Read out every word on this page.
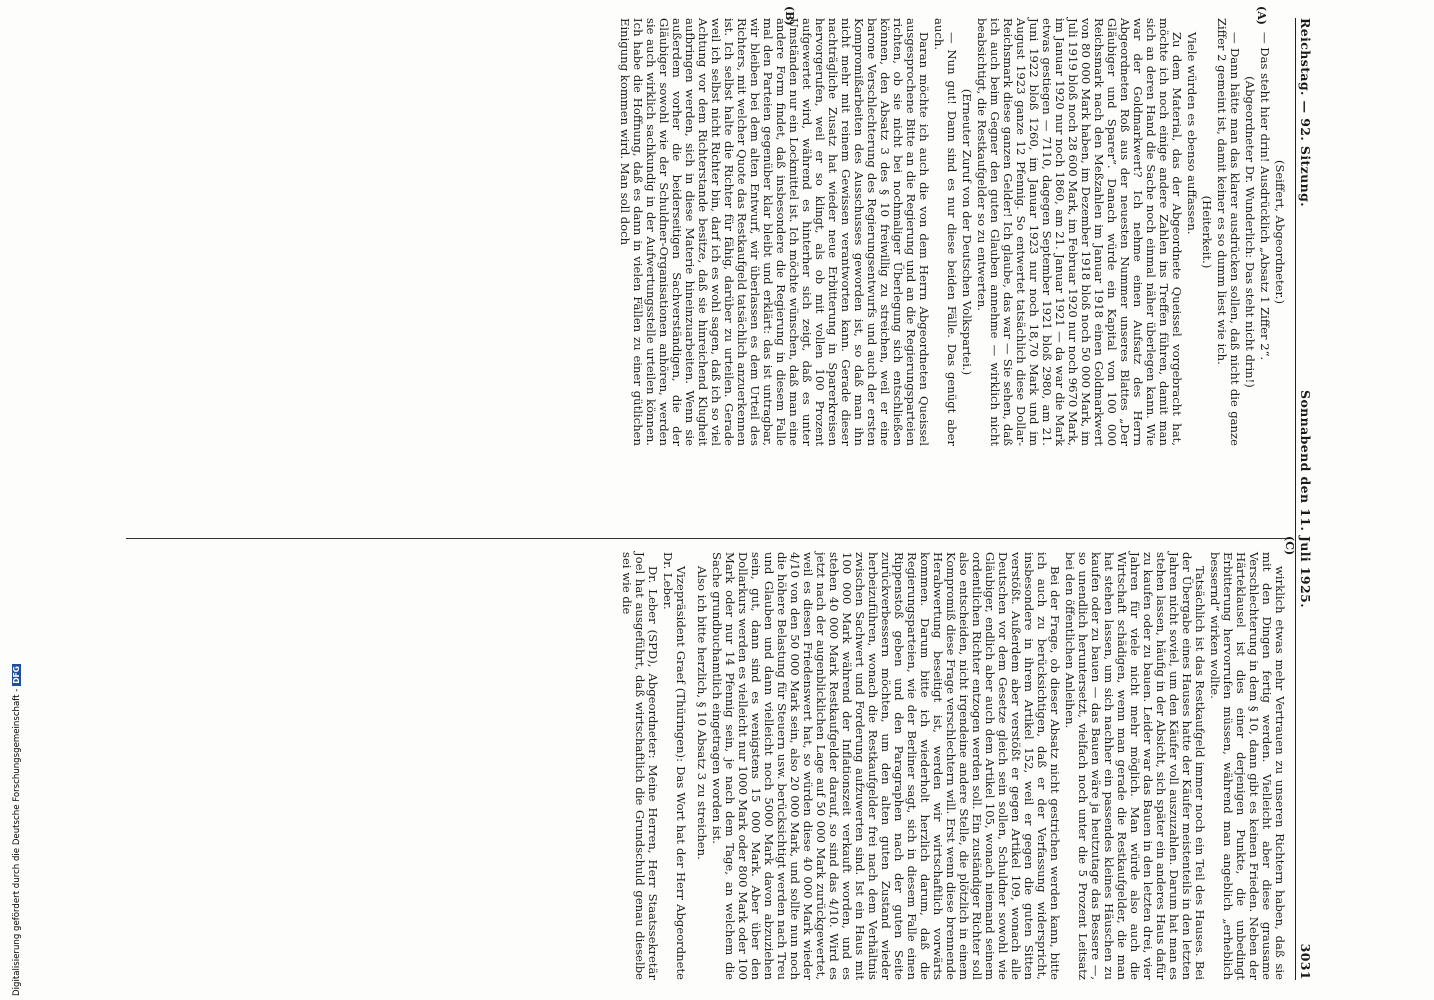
Digitalisierung gefördert durch die Deutsche Forschungsgemeinschaft -DFG
Reichstag. — 92. Sitzung.
Sonnabend den 11. Juli 1925.
3031
(A)
(B)
(C)

(Seiffert, Abgeordneter.)

— Das steht hier drin! Ausdrücklich „Absatz 1 Ziffer 2“.

(Abgeordneter Dr. Wunderlich: Das steht nicht drin!)

— Dann hätte man das klarer ausdrücken sollen, daß nicht die ganze Ziffer 2 gemeint ist, damit keiner es so dumm liest wie ich.

(Heiterkeit.)

Viele würden es ebenso auffassen.

Zu dem Material, das der Abgeordnete Queissel vorgebracht hat, möchte ich noch einige andere Zahlen ins Treffen führen, damit man sich an deren Hand die Sache noch einmal näher überlegen kann. Wie war der Goldmarkwert? Ich nehme einen Aufsatz des Herrn Abgeordneten Roß aus der neuesten Nummer unseres Blattes „Der Gläubiger und Sparer“. Danach würde ein Kapital von 100 000 Reichsmark nach den Meßzahlen im Januar 1918 einen Goldmarkwert von 80 000 Mark haben, im Dezember 1918 bloß noch 50 000 Mark, im Juli 1919 bloß noch 28 600 Mark, im Februar 1920 nur noch 9670 Mark, im Januar 1920 nur noch 1860, am 21. Januar 1921 — da war die Mark etwas gestiegen — 7110, dagegen September 1921 bloß 2980, am 21. Juni 1922 bloß 1260, im Januar 1923 nur noch 18,70 Mark und im August 1923 ganze 12 Pfennig. So entwertet tatsächlich diese Dollar-Reichsmark diese ganzen Gelder! Ich glaube, das war — Sie sehen, daß ich auch beim Gegner den guten Glauben annehme — wirklich nicht beabsichtigt, die Restkaufgelder so zu entwerten.

(Erneuter Zuruf von der Deutschen Volkspartei.)

— Nun gut! Dann sind es nur diese beiden Fälle. Das genügt aber auch.

Daran möchte ich auch die von dem Herrn Abgeordneten Queissel ausgesprochene Bitte an die Regierung und an die Regierungsparteien richten, ob sie nicht bei nochmaliger Überlegung sich entschließen können, den Absatz 3 des § 10 freiwillig zu streichen, weil er eine barone Verschlechterung des Regierungsentwurfs und auch der ersten Kompromißarbeiten des Ausschusses geworden ist, so daß man ihn nicht mehr mit reinem Gewissen verantworten kann. Gerade dieser nachträgliche Zusatz hat wieder neue Erbitterung in Sparerkreisen hervorgerufen, weil er so klingt, als ob mit vollen 100 Prozent aufgewertet wird, während es hinterher sich zeigt, daß es unter Umständen nur ein Lockmittel ist. Ich möchte wünschen, daß man eine andere Form findet, daß insbesondere die Regierung in diesem Falle mal den Parteien gegenüber klar bleibt und erklärt: das ist untragbar, wir bleiben bei dem alten Entwurf, wir überlassen es dem Urteil des Richters, mit welcher Quote das Restkaufgeld tatsächlich anzuerkennen ist. Ich selbst halte die Richter für fähig, darüber zu urteilen. Gerade weil ich selbst nicht Richter bin, darf ich es wohl sagen, daß ich so viel Achtung vor dem Richterstande besitze, daß sie hinreichend Klugheit aufbringen werden, sich in diese Materie hineinzuarbeiten. Wenn sie außerdem vorher die beiderseitigen Sachverständigen, die der Gläubiger sowohl wie der Schuldner-Organisationen anhören, werden sie auch wirklich sachkundig in der Aufwertungsstelle urteilen können. Ich habe die Hoffnung, daß es dann in vielen Fällen zu einer gütlichen Einigung kommen wird. Man soll doch

wirklich etwas mehr Vertrauen zu unseren Richtern haben, daß sie mit den Dingen fertig werden. Vielleicht aber diese grausame Verschlechterung in dem § 10, dann gibt es keinen Frieden. Neben der Härteklausel ist dies einer derjenigen Punkte, die unbedingt Erbitterung hervorrufen müssen, während man angeblich „erheblich bessernd“ wirken wollte.

Tatsächlich ist das Restkaufgeld immer noch ein Teil des Hauses. Bei der Übergabe eines Hauses hatte der Käufer meistenteils in den letzten Jahren nicht soviel, um den Käufer voll auszuzahlen. Darum hat man es stehen lassen, häufig in der Absicht, sich später ein anderes Haus dafür zu kaufen oder zu bauen. Leider war das Bauen in den letzten drei, vier Jahren für viele nicht mehr möglich. Man würde also auch die Wirtschaft schädigen, wenn man gerade die Restkaufgelder, die man hat stehen lassen, um sich nachher ein passendes kleines Häuschen zu kaufen oder zu bauen — das Bauen wäre ja heutzutage das Bessere —, so unendlich heruntersetzt, vielfach noch unter die 5 Prozent Leitsatz bei den öffentlichen Anleihen.

Bei der Frage, ob dieser Absatz nicht gestrichen werden kann, bitte ich auch zu berücksichtigen, daß er der Verfassung widerspricht, insbesondere in ihrem Artikel 152, weil er gegen die guten Sitten verstößt. Außerdem aber verstößt er gegen Artikel 109, wonach alle Deutschen vor dem Gesetze gleich sein sollen, Schuldner sowohl wie Gläubiger, endlich aber auch dem Artikel 105, wonach niemand seinem ordentlichen Richter entzogen werden soll. Ein zuständiger Richter soll also entscheiden, nicht irgendeine andere Stelle, die plötzlich in einem Kompromiß diese Frage verschlechtern will. Erst wenn diese brennende Herabwertung beseitigt ist, werden wir wirtschaftlich vorwärts kommen. Darum bitte ich wiederholt herzlich darum, daß die Regierungsparteien, wie der Berliner sagt, sich in diesem Falle einen Rippenstoß geben und den Paragraphen nach der guten Seite zurückverbessern möchten, um den alten guten Zustand wieder herbeizuführen, wonach die Restkaufgelder frei nach dem Verhältnis zwischen Sachwert und Forderung aufzuwerten sind. Ist ein Haus mit 100 000 Mark während der Inflationszeit verkauft worden, und es stehen 40 000 Mark Restkaufgelder darauf, so sind das 4/10. Wird es jetzt nach der augenblicklichen Lage auf 50 000 Mark zurückgewertet, weil es diesen Friedenswert hat, so würden diese 40 000 Mark wieder 4/10 von den 50 000 Mark sein, also 20 000 Mark, und sollte nun noch die höhere Belastung für Steuern usw. berücksichtigt werden nach Treu und Glauben und dann vielleicht noch 5000 Mark davon abzuziehen sein, gut, dann sind es wenigstens 15 000 Mark. Aber über den Dollarkurs werden es vielleicht nur 1000 Mark oder 800 Mark oder 100 Mark oder nur 14 Pfennig sein, je nach dem Tage, an welchem die Sache grundbuchamtlich eingetragen worden ist.

Also ich bitte herzlich, § 10 Absatz 3 zu streichen.

Vizepräsident Graef (Thüringen): Das Wort hat der Herr Abgeordnete Dr. Leber.

Dr. Leber (SPD), Abgeordneter: Meine Herren, Herr Staatssekretär Joel hat ausgeführt, daß wirtschaftlich die Grundschuld genau dieselbe sei wie die
